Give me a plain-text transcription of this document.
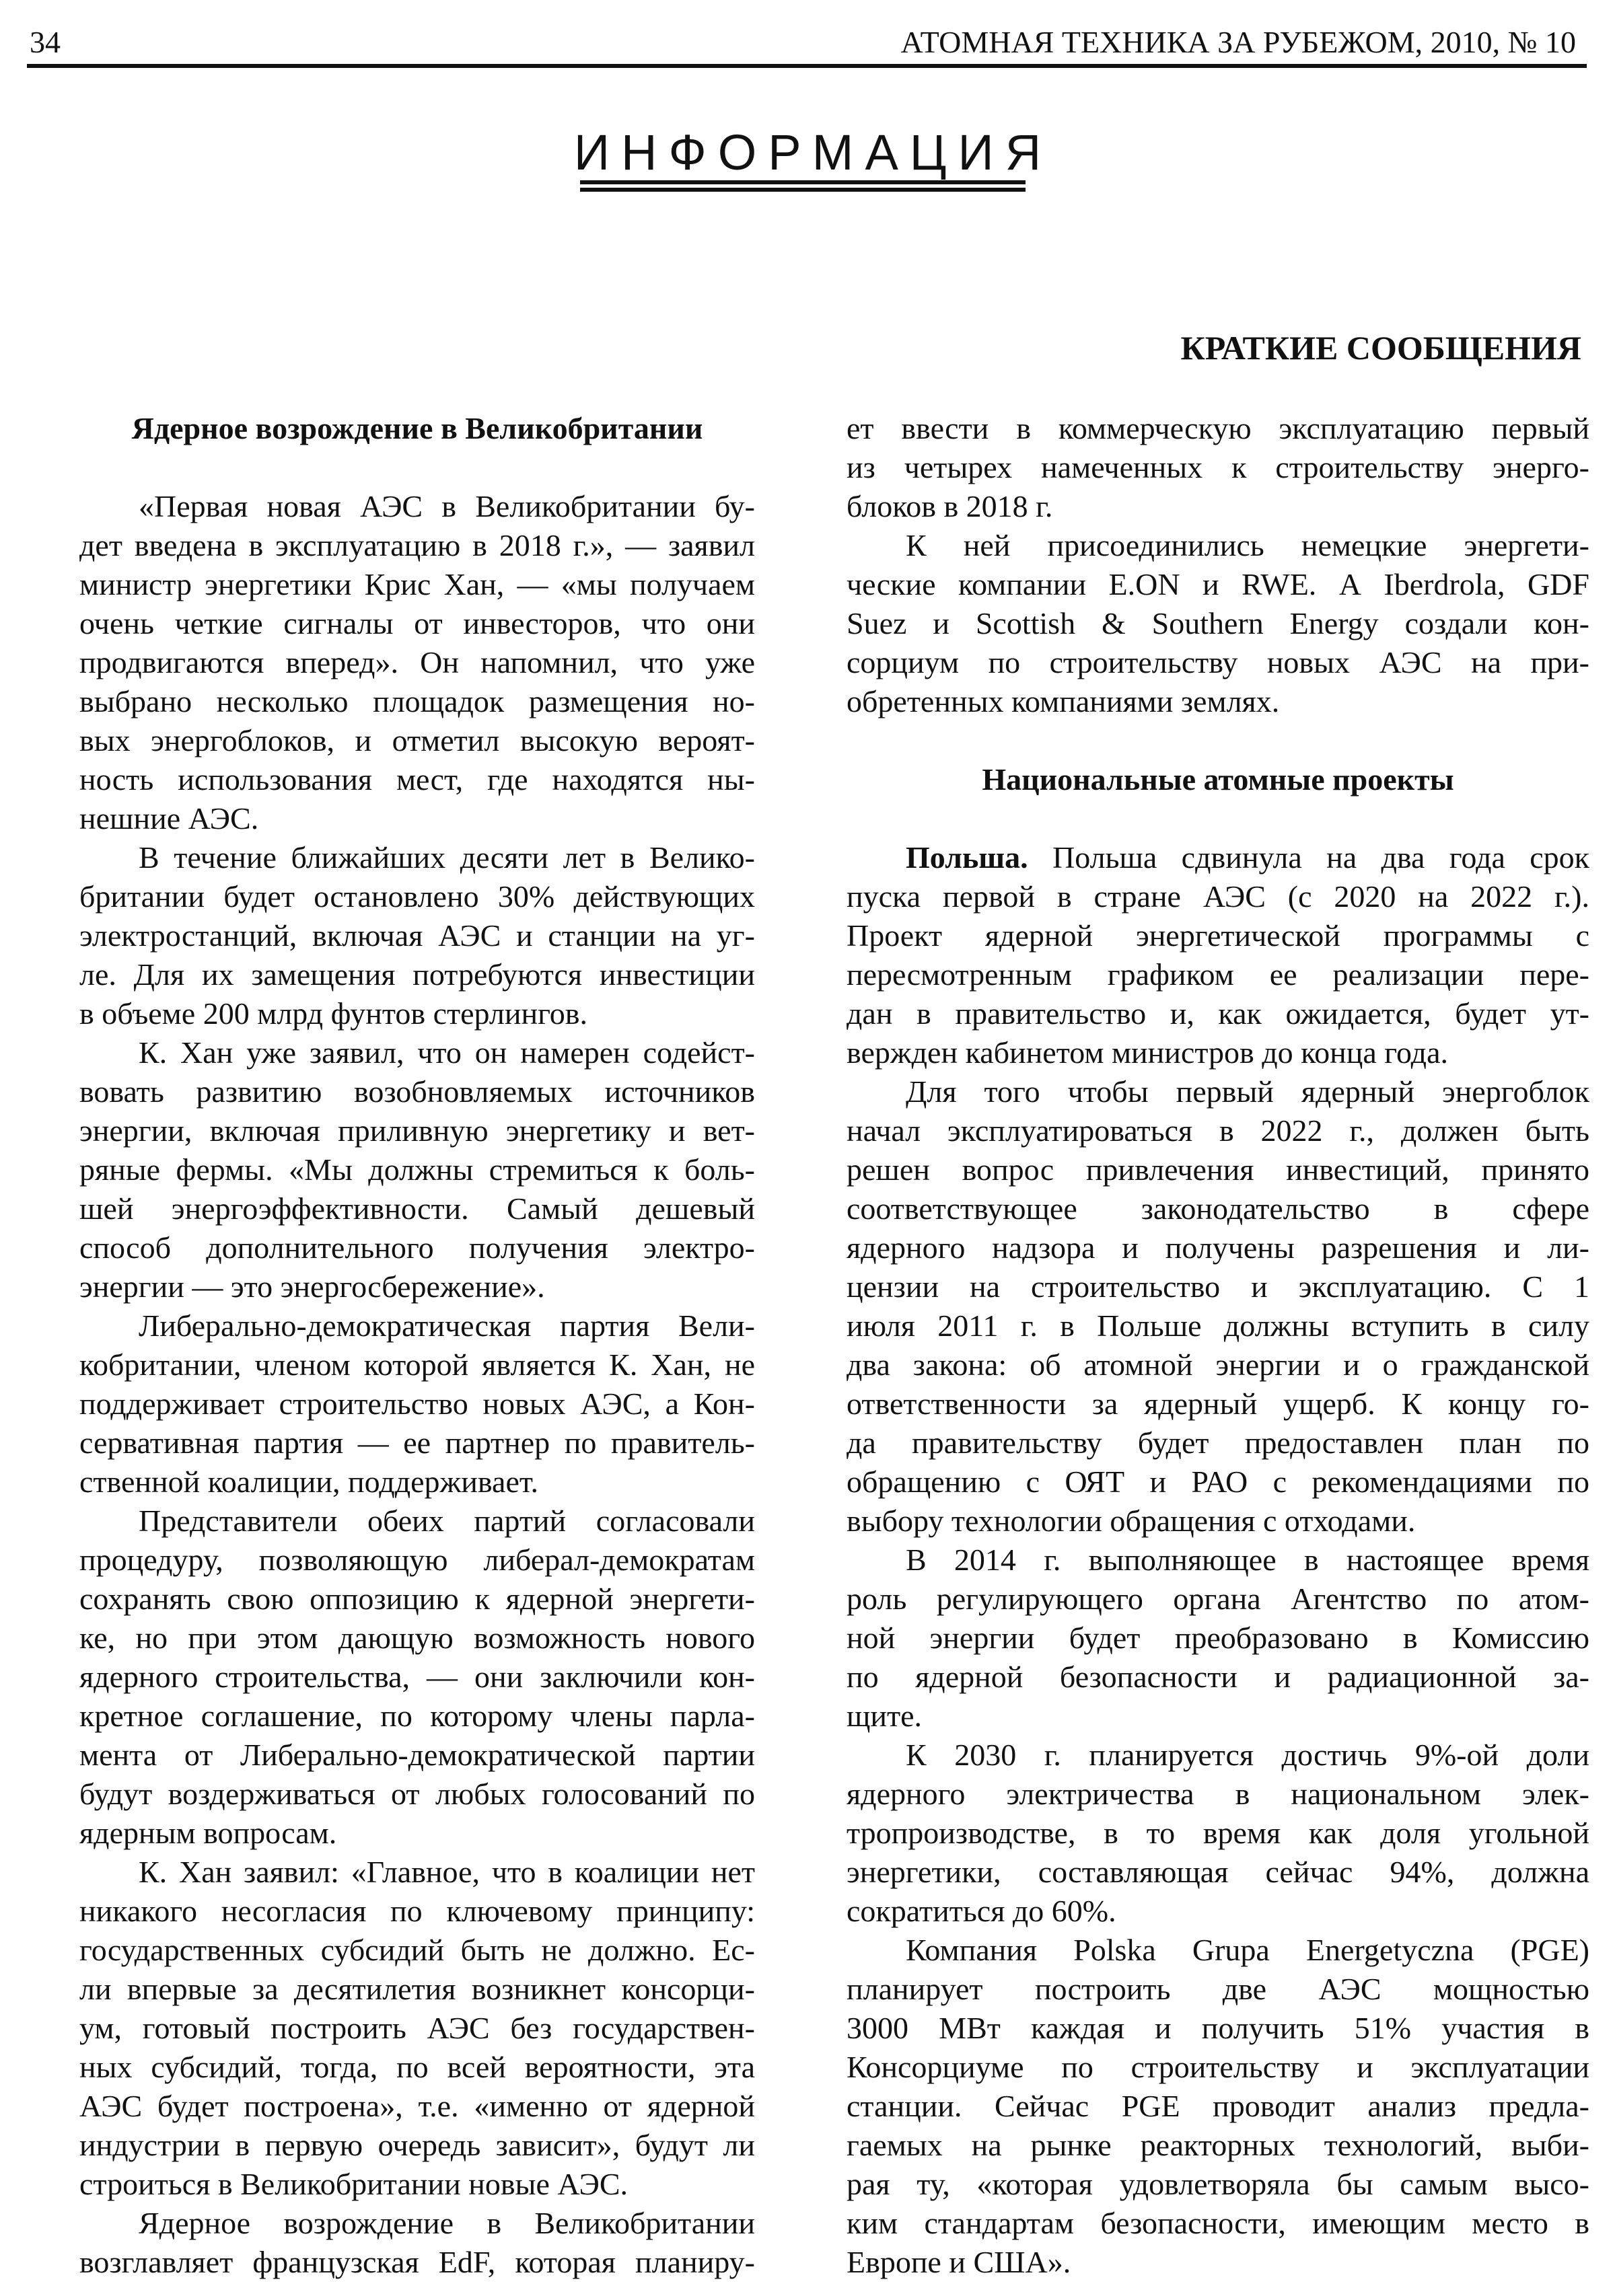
34	АТОМНАЯ ТЕХНИКА ЗА РУБЕЖОМ, 2010, № 10
ИНФОРМАЦИЯ
КРАТКИЕ СООБЩЕНИЯ
Ядерное возрождение в Великобритании
«Первая новая АЭС в Великобритании бу-
дет введена в эксплуатацию в 2018 г.», — заявил
министр энергетики Крис Хан, — «мы получаем
очень четкие сигналы от инвесторов, что они
продвигаются вперед». Он напомнил, что уже
выбрано несколько площадок размещения но-
вых энергоблоков, и отметил высокую вероят-
ность использования мест, где находятся ны-
нешние АЭС.
В течение ближайших десяти лет в Велико-
британии будет остановлено 30% действующих
электростанций, включая АЭС и станции на уг-
ле. Для их замещения потребуются инвестиции
в объеме 200 млрд фунтов стерлингов.
К. Хан уже заявил, что он намерен содейст-
вовать развитию возобновляемых источников
энергии, включая приливную энергетику и вет-
ряные фермы. «Мы должны стремиться к боль-
шей энергоэффективности. Самый дешевый
способ дополнительного получения электро-
энергии — это энергосбережение».
Либерально-демократическая партия Вели-
кобритании, членом которой является К. Хан, не
поддерживает строительство новых АЭС, а Кон-
сервативная партия — ее партнер по правитель-
ственной коалиции, поддерживает.
Представители обеих партий согласовали
процедуру, позволяющую либерал-демократам
сохранять свою оппозицию к ядерной энергети-
ке, но при этом дающую возможность нового
ядерного строительства, — они заключили кон-
кретное соглашение, по которому члены парла-
мента от Либерально-демократической партии
будут воздерживаться от любых голосований по
ядерным вопросам.
К. Хан заявил: «Главное, что в коалиции нет
никакого несогласия по ключевому принципу:
государственных субсидий быть не должно. Ес-
ли впервые за десятилетия возникнет консорци-
ум, готовый построить АЭС без государствен-
ных субсидий, тогда, по всей вероятности, эта
АЭС будет построена», т.е. «именно от ядерной
индустрии в первую очередь зависит», будут ли
строиться в Великобритании новые АЭС.
Ядерное возрождение в Великобритании
возглавляет французская EdF, которая планиру-
ет ввести в коммерческую эксплуатацию первый
из четырех намеченных к строительству энерго-
блоков в 2018 г.
К ней присоединились немецкие энергети-
ческие компании E.ON и RWE. А Iberdrola, GDF
Suez и Scottish & Southern Energy создали кон-
сорциум по строительству новых АЭС на при-
обретенных компаниями землях.
Национальные атомные проекты
Польша. Польша сдвинула на два года срок
пуска первой в стране АЭС (с 2020 на 2022 г.).
Проект ядерной энергетической программы с
пересмотренным графиком ее реализации пере-
дан в правительство и, как ожидается, будет ут-
вержден кабинетом министров до конца года.
Для того чтобы первый ядерный энергоблок
начал эксплуатироваться в 2022 г., должен быть
решен вопрос привлечения инвестиций, принято
соответствующее законодательство в сфере
ядерного надзора и получены разрешения и ли-
цензии на строительство и эксплуатацию. С 1
июля 2011 г. в Польше должны вступить в силу
два закона: об атомной энергии и о гражданской
ответственности за ядерный ущерб. К концу го-
да правительству будет предоставлен план по
обращению с ОЯТ и РАО с рекомендациями по
выбору технологии обращения с отходами.
В 2014 г. выполняющее в настоящее время
роль регулирующего органа Агентство по атом-
ной энергии будет преобразовано в Комиссию
по ядерной безопасности и радиационной за-
щите.
К 2030 г. планируется достичь 9%-ой доли
ядерного электричества в национальном элек-
тропроизводстве, в то время как доля угольной
энергетики, составляющая сейчас 94%, должна
сократиться до 60%.
Компания Polska Grupa Energetyczna (PGE)
планирует построить две АЭС мощностью
3000 МВт каждая и получить 51% участия в
Консорциуме по строительству и эксплуатации
станции. Сейчас PGE проводит анализ предла-
гаемых на рынке реакторных технологий, выби-
рая ту, «которая удовлетворяла бы самым высо-
ким стандартам безопасности, имеющим место в
Европе и США».
